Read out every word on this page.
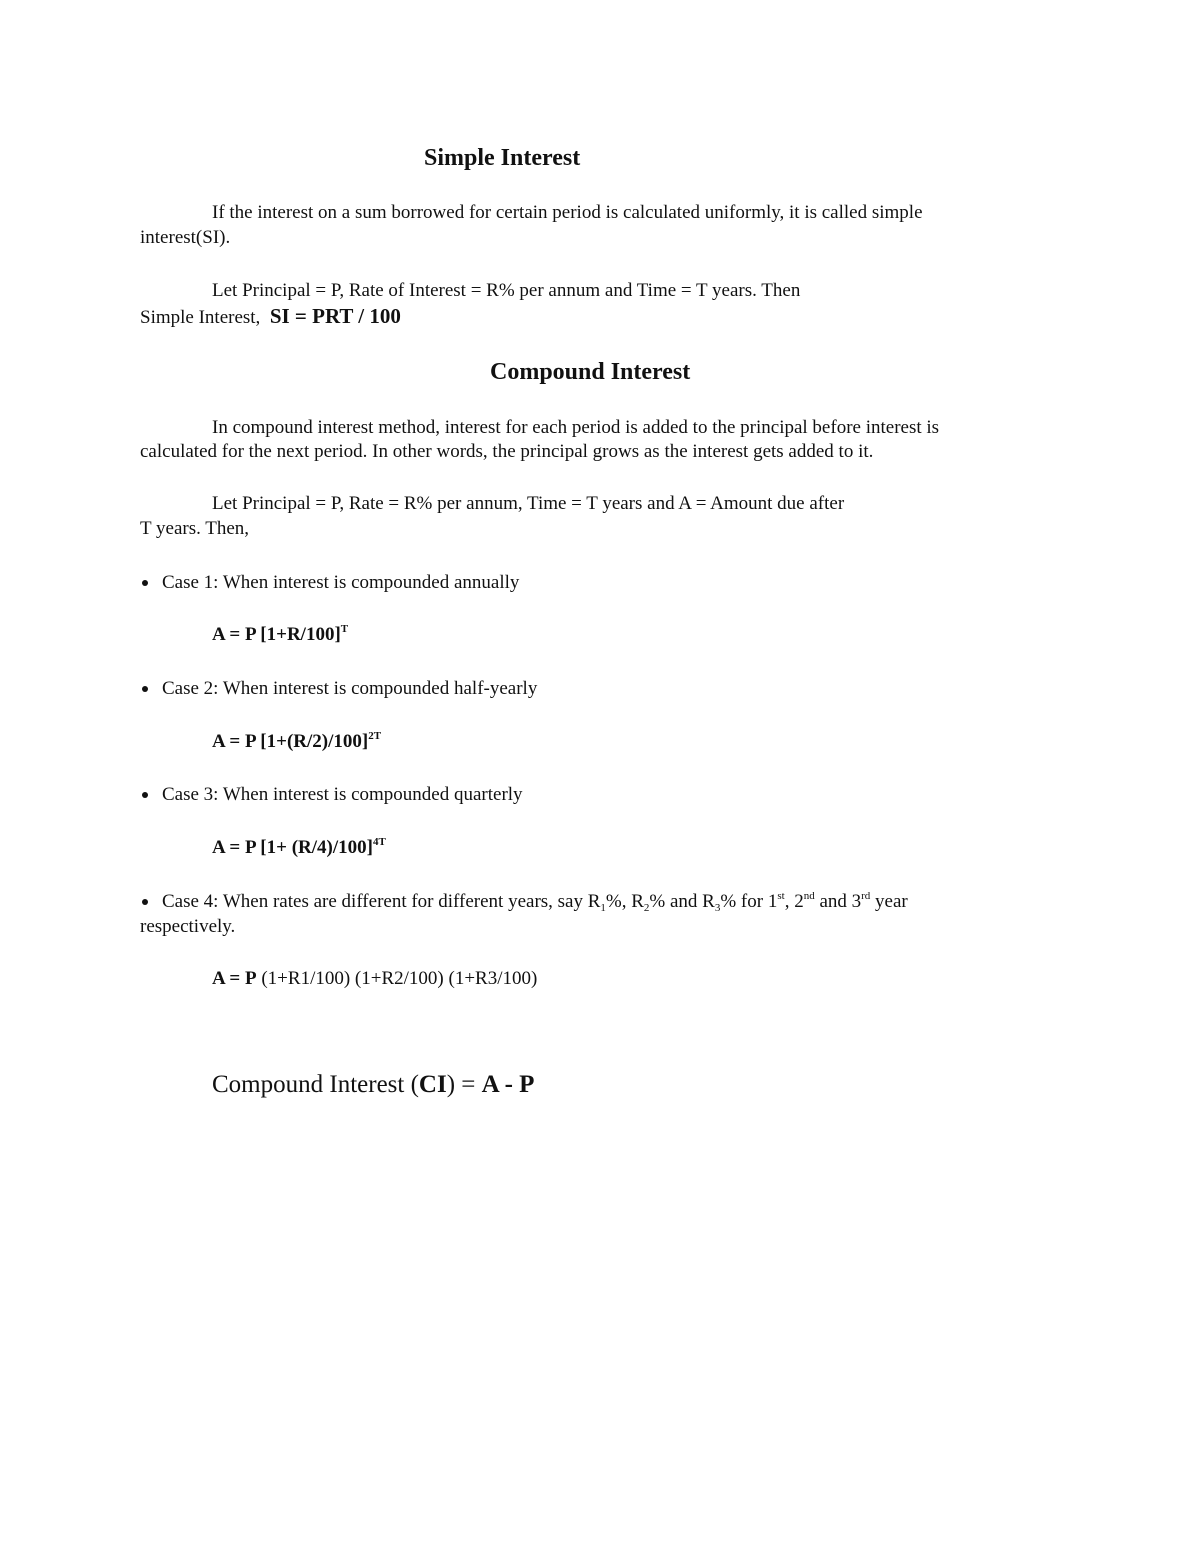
Simple Interest
If the interest on a sum borrowed for certain period is calculated uniformly, it is called simple
interest(SI).
Let Principal = P, Rate of Interest = R% per annum and Time = T years. Then
Simple Interest, SI = PRT / 100
Compound Interest
In compound interest method, interest for each period is added to the principal before interest is
calculated for the next period. In other words, the principal grows as the interest gets added to it.
Let Principal = P, Rate = R% per annum, Time = T years and A = Amount due after
T years. Then,
Case 1: When interest is compounded annually
A = P $[1+R/100]^T$
Case 2: When interest is compounded half-yearly
A = P $[1+(R/2)/100]^{2T}$
Case 3: When interest is compounded quarterly
A = P $[1+ (R/4)/100]^{4T}$
Case 4: When rates are different for different years, say $R_1\%$, $R_2\%$ and $R_3\%$ for 1st, 2nd and 3rd year
respectively.
A = P (1+R1/100) (1+R2/100) (1+R3/100)
Compound Interest (CI) = A - P
